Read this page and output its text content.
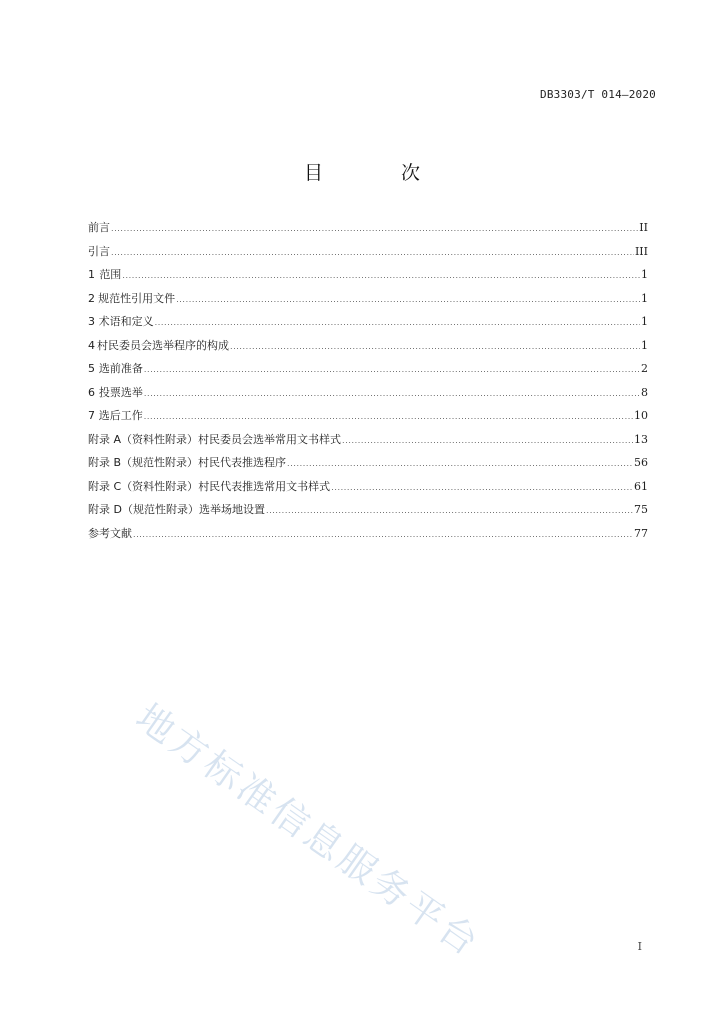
DB3303/T 014—2020
目 次
前言 .....	II
引言 .....	III
1 范围 .....	1
2 规范性引用文件 .....	1
3 术语和定义 .....	1
4 村民委员会选举程序的构成 .....	1
5 选前准备 .....	2
6 投票选举 .....	8
7 选后工作 .....	10
附录 A（资料性附录） 村民委员会选举常用文书样式 .....	13
附录 B（规范性附录） 村民代表推选程序 .....	56
附录 C（资料性附录） 村民代表推选常用文书样式 .....	61
附录 D（规范性附录） 选举场地设置 .....	75
参考文献 .....	77
地方标准信息服务平台	I
